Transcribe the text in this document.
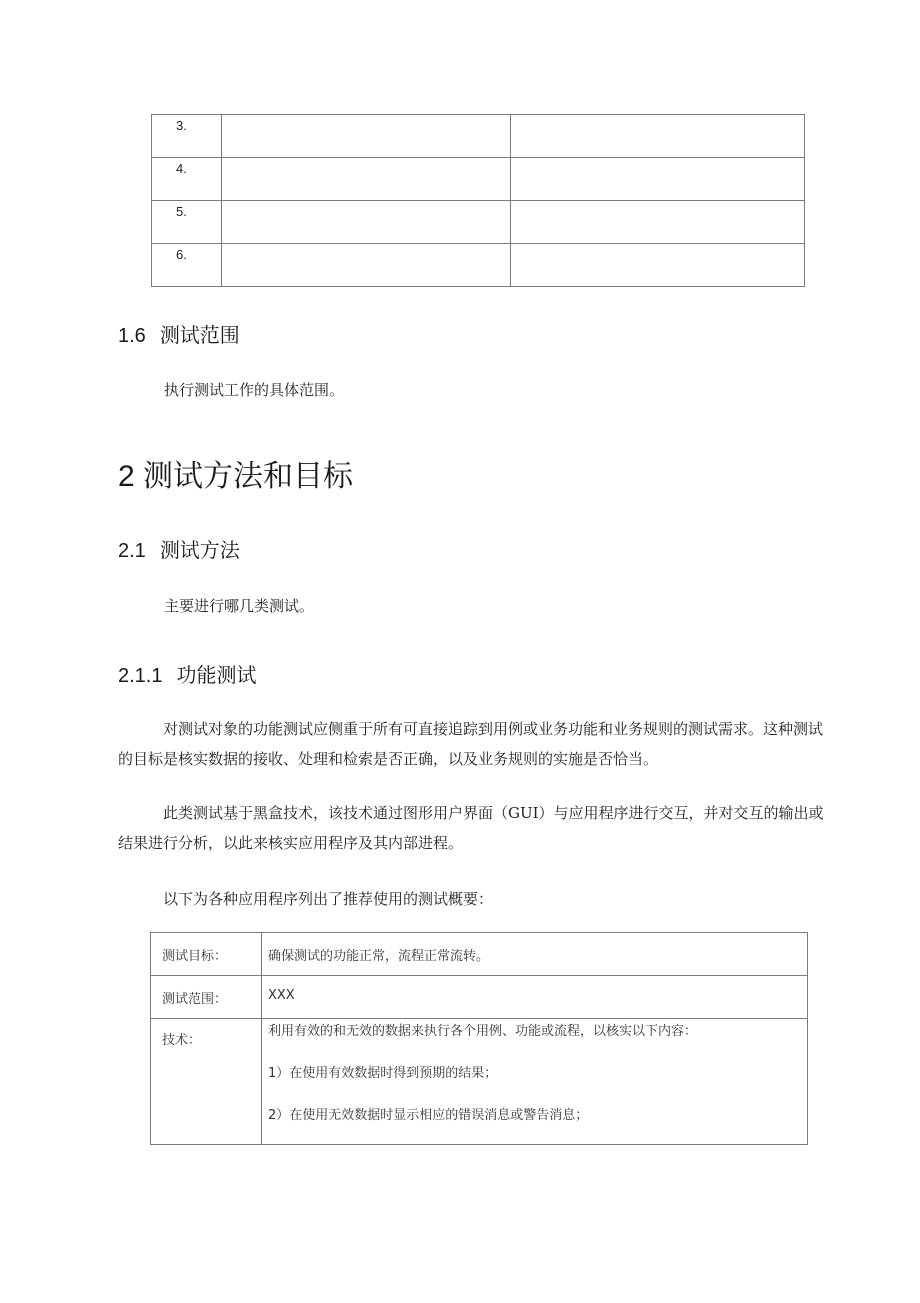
3.		
4.		
5.		
6.		
1.6 测试范围
执行测试工作的具体范围。
2 测试方法和目标
2.1 测试方法
主要进行哪几类测试。
2.1.1 功能测试
对测试对象的功能测试应侧重于所有可直接追踪到用例或业务功能和业务规则的测试需求。这种测试的目标是核实数据的接收、处理和检索是否正确，以及业务规则的实施是否恰当。
此类测试基于黑盒技术，该技术通过图形用户界面（GUI）与应用程序进行交互，并对交互的输出或结果进行分析，以此来核实应用程序及其内部进程。
以下为各种应用程序列出了推荐使用的测试概要：
测试目标：	确保测试的功能正常，流程正常流转。
测试范围：	XXX
技术：	利用有效的和无效的数据来执行各个用例、功能或流程，以核实以下内容：
1）在使用有效数据时得到预期的结果；
2）在使用无效数据时显示相应的错误消息或警告消息；
